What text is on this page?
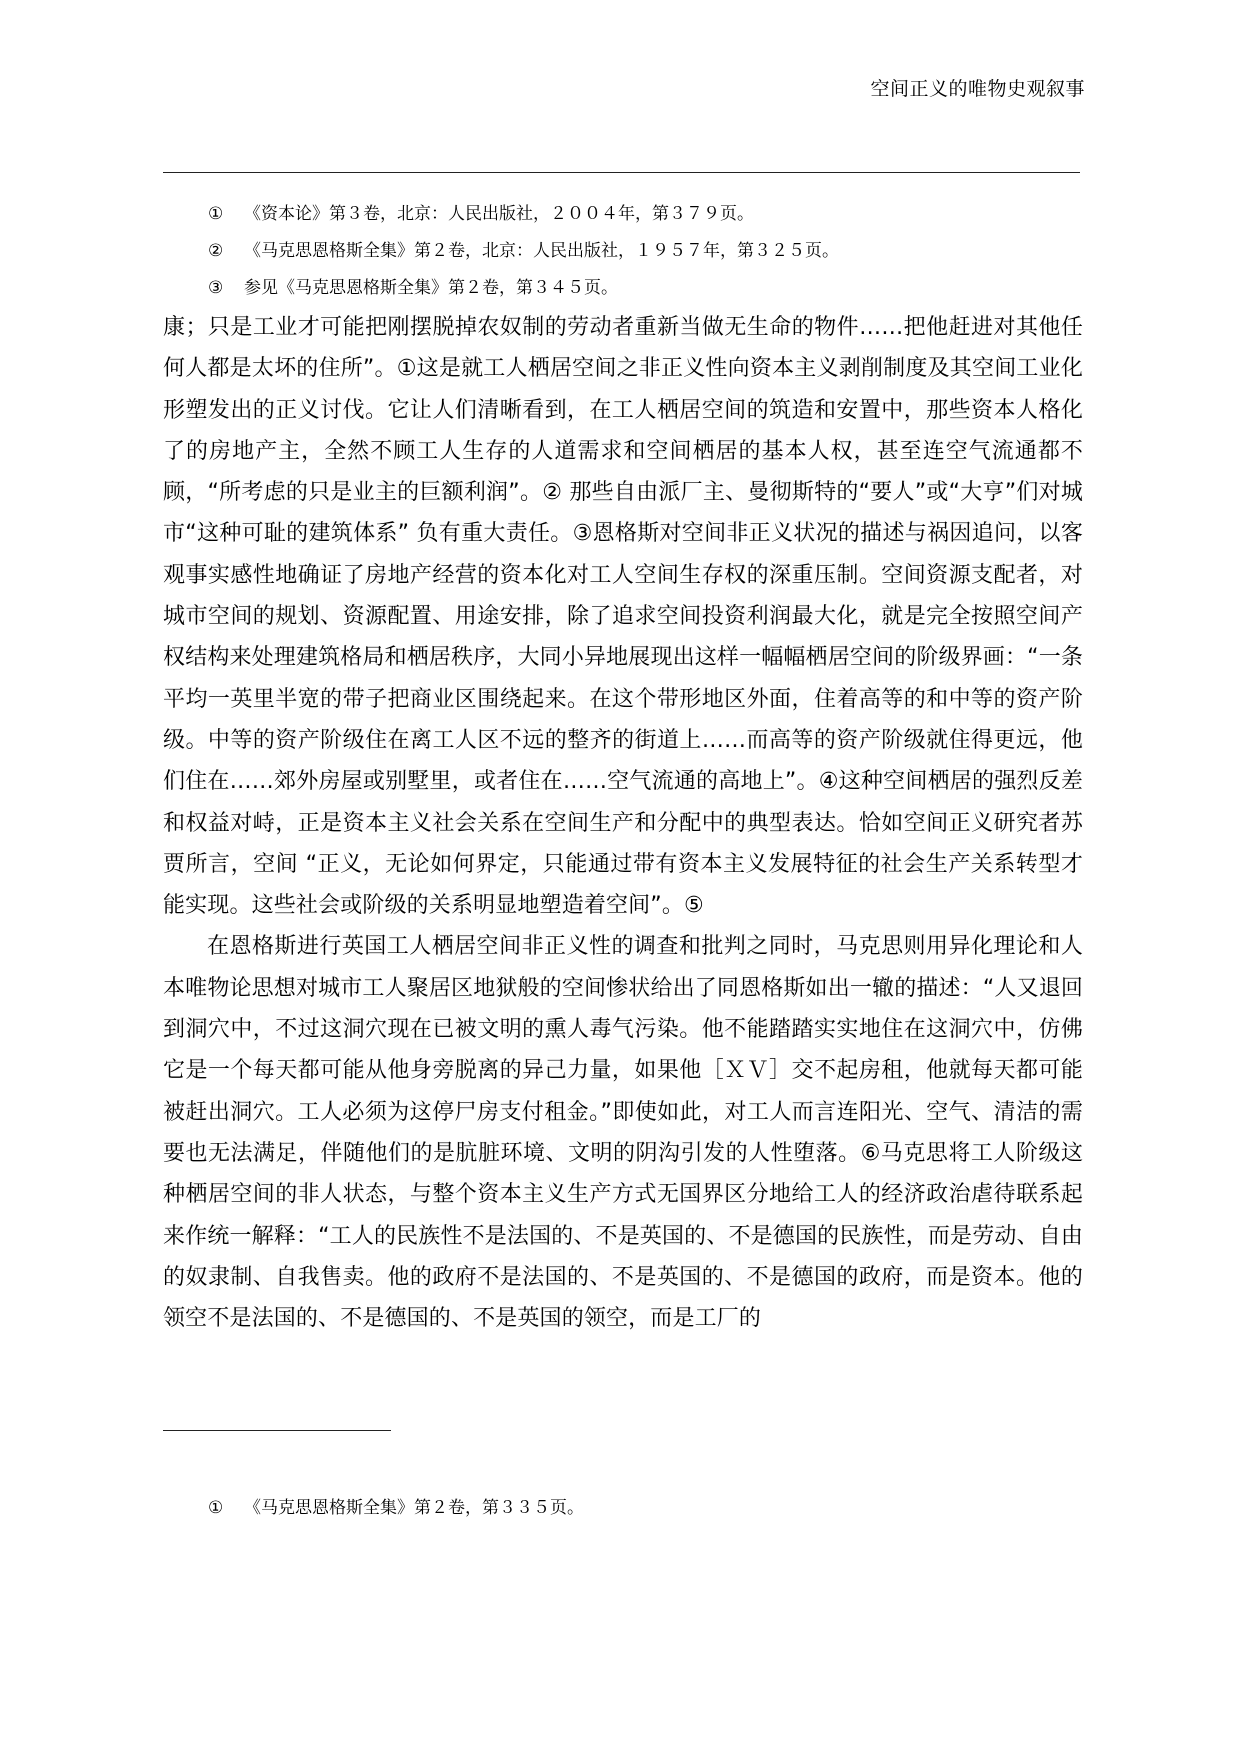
空间正义的唯物史观叙事
① 《资本论》第３卷，北京：人民出版社，２００４年，第３７９页。
② 《马克思恩格斯全集》第２卷，北京：人民出版社，１９５７年，第３２５页。
③ 参见《马克思恩格斯全集》第２卷，第３４５页。

康；只是工业才可能把刚摆脱掉农奴制的劳动者重新当做无生命的物件……把他赶进对其他任何人都是太坏的住所”。①这是就工人栖居空间之非正义性向资本主义剥削制度及其空间工业化形塑发出的正义讨伐。它让人们清晰看到，在工人栖居空间的筑造和安置中，那些资本人格化了的房地产主，全然不顾工人生存的人道需求和空间栖居的基本人权，甚至连空气流通都不顾，“所考虑的只是业主的巨额利润”。② 那些自由派厂主、曼彻斯特的“要人”或“大亨”们对城市“这种可耻的建筑体系” 负有重大责任。③恩格斯对空间非正义状况的描述与祸因追问，以客观事实感性地确证了房地产经营的资本化对工人空间生存权的深重压制。空间资源支配者，对城市空间的规划、资源配置、用途安排，除了追求空间投资利润最大化，就是完全按照空间产权结构来处理建筑格局和栖居秩序，大同小异地展现出这样一幅幅栖居空间的阶级界画：“一条平均一英里半宽的带子把商业区围绕起来。在这个带形地区外面，住着高等的和中等的资产阶级。中等的资产阶级住在离工人区不远的整齐的街道上……而高等的资产阶级就住得更远，他们住在……郊外房屋或别墅里，或者住在……空气流通的高地上”。④这种空间栖居的强烈反差和权益对峙，正是资本主义社会关系在空间生产和分配中的典型表达。恰如空间正义研究者苏贾所言，空间 “正义，无论如何界定，只能通过带有资本主义发展特征的社会生产关系转型才能实现。这些社会或阶级的关系明显地塑造着空间”。⑤

在恩格斯进行英国工人栖居空间非正义性的调查和批判之同时，马克思则用异化理论和人本唯物论思想对城市工人聚居区地狱般的空间惨状给出了同恩格斯如出一辙的描述：“人又退回到洞穴中，不过这洞穴现在已被文明的熏人毒气污染。他不能踏踏实实地住在这洞穴中，仿佛它是一个每天都可能从他身旁脱离的异己力量，如果他［ＸＶ］交不起房租，他就每天都可能被赶出洞穴。工人必须为这停尸房支付租金。”即使如此，对工人而言连阳光、空气、清洁的需要也无法满足，伴随他们的是肮脏环境、文明的阴沟引发的人性堕落。⑥马克思将工人阶级这种栖居空间的非人状态，与整个资本主义生产方式无国界区分地给工人的经济政治虐待联系起来作统一解释：“工人的民族性不是法国的、不是英国的、不是德国的民族性，而是劳动、自由的奴隶制、自我售卖。他的政府不是法国的、不是英国的、不是德国的政府，而是资本。他的领空不是法国的、不是德国的、不是英国的领空，而是工厂的

① 《马克思恩格斯全集》第２卷，第３３５页。
